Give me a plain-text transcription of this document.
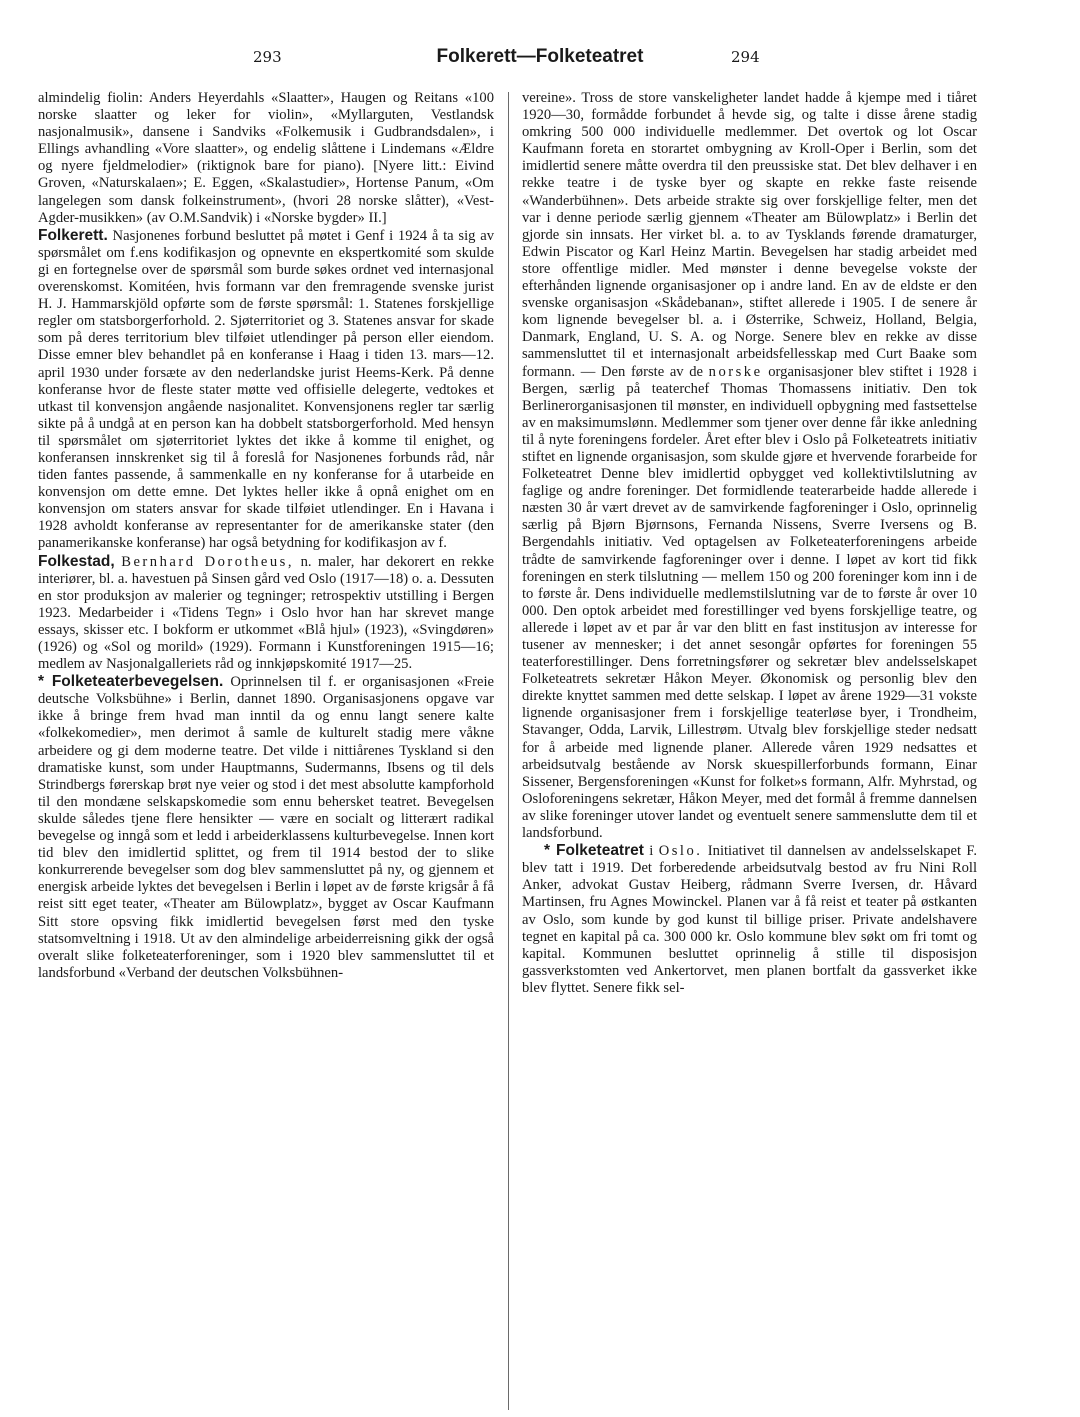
293	Folkerett—Folketeatret	294

almindelig fiolin: Anders Heyerdahls «Slaatter», Haugen og Reitans «100 norske slaatter og leker for violin», «Myllarguten, Vestlandsk nasjonalmusik», dansene i Sandviks «Folkemusik i Gudbrandsdalen», i Ellings avhandling «Vore slaatter», og endelig slåttene i Lindemans «Ældre og nyere fjeldmelodier» (riktignok bare for piano). [Nyere litt.: Eivind Groven, «Naturskalaen»; E. Eggen, «Skalastudier», Hortense Panum, «Om langelegen som dansk folkeinstrument», (hvori 28 norske slåtter), «Vest-Agder-musikken» (av O.M.Sandvik) i «Norske bygder» II.]

Folkerett. Nasjonenes forbund besluttet på møtet i Genf i 1924 å ta sig av spørsmålet om f.ens kodifikasjon og opnevnte en ekspertkomité som skulde gi en fortegnelse over de spørsmål som burde søkes ordnet ved internasjonal overenskomst. Komitéen, hvis formann var den fremragende svenske jurist H. J. Hammarskjöld opførte som de første spørsmål: 1. Statenes forskjellige regler om statsborgerforhold. 2. Sjøterritoriet og 3. Statenes ansvar for skade som på deres territorium blev tilføiet utlendinger på person eller eiendom. Disse emner blev behandlet på en konferanse i Haag i tiden 13. mars—12. april 1930 under forsæte av den nederlandske jurist Heems-Kerk. På denne konferanse hvor de fleste stater møtte ved offisielle delegerte, vedtokes et utkast til konvensjon angående nasjonalitet. Konvensjonens regler tar særlig sikte på å undgå at en person kan ha dobbelt statsborgerforhold. Med hensyn til spørsmålet om sjøterritoriet lyktes det ikke å komme til enighet, og konferansen innskrenket sig til å foreslå for Nasjonenes forbunds råd, når tiden fantes passende, å sammenkalle en ny konferanse for å utarbeide en konvensjon om dette emne. Det lyktes heller ikke å opnå enighet om en konvensjon om staters ansvar for skade tilføiet utlendinger. En i Havana i 1928 avholdt konferanse av representanter for de amerikanske stater (den panamerikanske konferanse) har også betydning for kodifikasjon av f.

Folkestad, Bernhard Dorotheus, n. maler, har dekorert en rekke interiører, bl. a. havestuen på Sinsen gård ved Oslo (1917—18) o. a. Dessuten en stor produksjon av malerier og tegninger; retrospektiv utstilling i Bergen 1923. Medarbeider i «Tidens Tegn» i Oslo hvor han har skrevet mange essays, skisser etc. I bokform er utkommet «Blå hjul» (1923), «Svingdøren» (1926) og «Sol og morild» (1929). Formann i Kunstforeningen 1915—16; medlem av Nasjonalgalleriets råd og innkjøpskomité 1917—25.

* Folketeaterbevegelsen. Oprinnelsen til f. er organisasjonen «Freie deutsche Volksbühne» i Berlin, dannet 1890. Organisasjonens opgave var ikke å bringe frem hvad man inntil da og ennu langt senere kalte «folkekomedier», men derimot å samle de kulturelt stadig mere våkne arbeidere og gi dem moderne teatre. Det vilde i nittiårenes Tyskland si den dramatiske kunst, som under Hauptmanns, Sudermanns, Ibsens og til dels Strindbergs førerskap brøt nye veier og stod i det mest absolutte kampforhold til den mondæne selskapskomedie som ennu behersket teatret. Bevegelsen skulde således tjene flere hensikter — være en socialt og litterært radikal bevegelse og inngå som et ledd i arbeiderklassens kulturbevegelse. Innen kort tid blev den imidlertid splittet, og frem til 1914 bestod der to slike konkurrerende bevegelser som dog blev sammensluttet på ny, og gjennem et energisk arbeide lyktes det bevegelsen i Berlin i løpet av de første krigsår å få reist sitt eget teater, «Theater am Bülowplatz», bygget av Oscar Kaufmann Sitt store opsving fikk imidlertid bevegelsen først med den tyske statsomveltning i 1918. Ut av den almindelige arbeiderreisning gikk der også overalt slike folketeaterforeninger, som i 1920 blev sammensluttet til et landsforbund «Verband der deutschen Volksbühnen-

vereine». Tross de store vanskeligheter landet hadde å kjempe med i tiåret 1920—30, formådde forbundet å hevde sig, og talte i disse årene stadig omkring 500 000 individuelle medlemmer. Det overtok og lot Oscar Kaufmann foreta en storartet ombygning av Kroll-Oper i Berlin, som det imidlertid senere måtte overdra til den preussiske stat. Det blev delhaver i en rekke teatre i de tyske byer og skapte en rekke faste reisende «Wanderbühnen». Dets arbeide strakte sig over forskjellige felter, men det var i denne periode særlig gjennem «Theater am Bülowplatz» i Berlin det gjorde sin innsats. Her virket bl. a. to av Tysklands førende dramaturger, Edwin Piscator og Karl Heinz Martin. Bevegelsen har stadig arbeidet med store offentlige midler. Med mønster i denne bevegelse vokste der efterhånden lignende organisasjoner op i andre land. En av de eldste er den svenske organisasjon «Skådebanan», stiftet allerede i 1905. I de senere år kom lignende bevegelser bl. a. i Østerrike, Schweiz, Holland, Belgia, Danmark, England, U. S. A. og Norge. Senere blev en rekke av disse sammensluttet til et internasjonalt arbeidsfellesskap med Curt Baake som formann. — Den første av de norske organisasjoner blev stiftet i 1928 i Bergen, særlig på teaterchef Thomas Thomassens initiativ. Den tok Berlinerorganisasjonen til mønster, en individuell opbygning med fastsettelse av en maksimumslønn. Medlemmer som tjener over denne får ikke anledning til å nyte foreningens fordeler. Året efter blev i Oslo på Folketeatrets initiativ stiftet en lignende organisasjon, som skulde gjøre et hvervende forarbeide for Folketeatret Denne blev imidlertid opbygget ved kollektivtilslutning av faglige og andre foreninger. Det formidlende teaterarbeide hadde allerede i næsten 30 år vært drevet av de samvirkende fagforeninger i Oslo, oprinnelig særlig på Bjørn Bjørnsons, Fernanda Nissens, Sverre Iversens og B. Bergendahls initiativ. Ved optagelsen av Folketeaterforeningens arbeide trådte de samvirkende fagforeninger over i denne. I løpet av kort tid fikk foreningen en sterk tilslutning — mellem 150 og 200 foreninger kom inn i de to første år. Dens individuelle medlemstilslutning var de to første år over 10 000. Den optok arbeidet med forestillinger ved byens forskjellige teatre, og allerede i løpet av et par år var den blitt en fast institusjon av interesse for tusener av mennesker; i det annet sesongår opførtes for foreningen 55 teaterforestillinger. Dens forretningsfører og sekretær blev andelsselskapet Folketeatrets sekretær Håkon Meyer. Økonomisk og personlig blev den direkte knyttet sammen med dette selskap. I løpet av årene 1929—31 vokste lignende organisasjoner frem i forskjellige teaterløse byer, i Trondheim, Stavanger, Odda, Larvik, Lillestrøm. Utvalg blev forskjellige steder nedsatt for å arbeide med lignende planer. Allerede våren 1929 nedsattes et arbeidsutvalg bestående av Norsk skuespillerforbunds formann, Einar Sissener, Bergensforeningen «Kunst for folket»s formann, Alfr. Myhrstad, og Osloforeningens sekretær, Håkon Meyer, med det formål å fremme dannelsen av slike foreninger utover landet og eventuelt senere sammenslutte dem til et landsforbund.

* Folketeatret i Oslo. Initiativet til dannelsen av andelsselskapet F. blev tatt i 1919. Det forberedende arbeidsutvalg bestod av fru Nini Roll Anker, advokat Gustav Heiberg, rådmann Sverre Iversen, dr. Håvard Martinsen, fru Agnes Mowinckel. Planen var å få reist et teater på østkanten av Oslo, som kunde by god kunst til billige priser. Private andelshavere tegnet en kapital på ca. 300 000 kr. Oslo kommune blev søkt om fri tomt og kapital. Kommunen besluttet oprinnelig å stille til disposisjon gassverkstomten ved Ankertorvet, men planen bortfalt da gassverket ikke blev flyttet. Senere fikk sel-
